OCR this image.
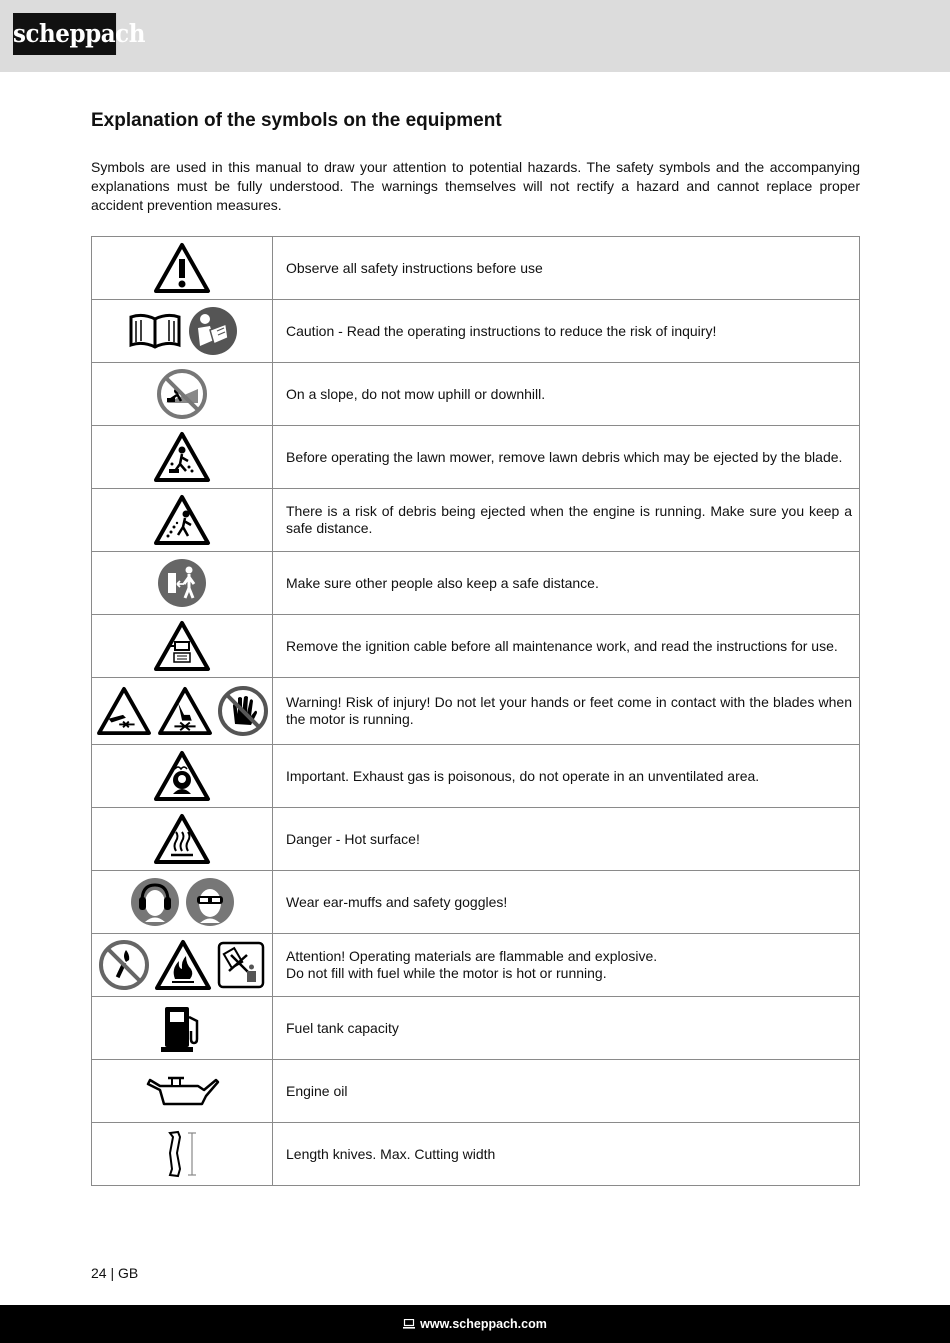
scheppach
Explanation of the symbols on the equipment

Symbols are used in this manual to draw your attention to potential hazards. The safety symbols and the accompanying explanations must be fully understood. The warnings themselves will not rectify a hazard and cannot replace proper accident prevention measures.

	Observe all safety instructions before use

	Caution - Read the operating instructions to reduce the risk of inquiry!

	On a slope, do not mow uphill or downhill.

	Before operating the lawn mower, remove lawn debris which may be ejected by the blade.

	There is a risk of debris being ejected when the engine is running. Make sure you keep a safe distance.

	Make sure other people also keep a safe distance.

	Remove the ignition cable before all maintenance work, and read the instructions for use.

	Warning! Risk of injury! Do not let your hands or feet come in contact with the blades when the motor is running.

	Important. Exhaust gas is poisonous, do not operate in an unventilated area.

	Danger - Hot surface!

	Wear ear-muffs and safety goggles!

	Attention! Operating materials are flammable and explosive.
Do not fill with fuel while the motor is hot or running.

	Fuel tank capacity

	Engine oil

	Length knives. Max. Cutting width
24 | GB
www.scheppach.com
